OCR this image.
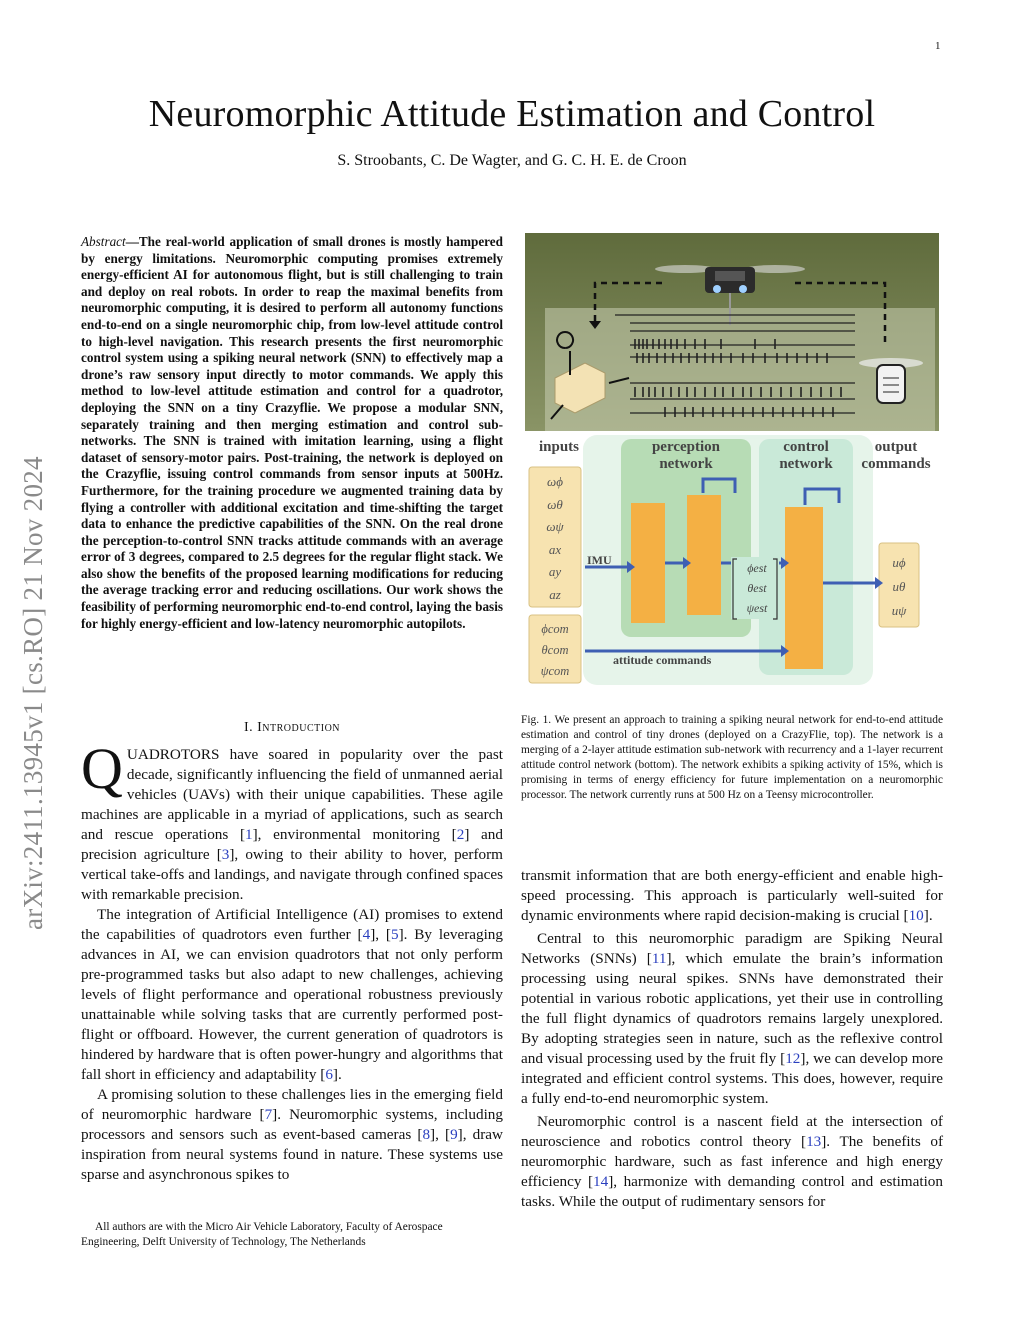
1
arXiv:2411.13945v1 [cs.RO] 21 Nov 2024
Neuromorphic Attitude Estimation and Control
S. Stroobants, C. De Wagter, and G. C. H. E. de Croon
Abstract—The real-world application of small drones is mostly hampered by energy limitations. Neuromorphic computing promises extremely energy-efficient AI for autonomous flight, but is still challenging to train and deploy on real robots. In order to reap the maximal benefits from neuromorphic computing, it is desired to perform all autonomy functions end-to-end on a single neuromorphic chip, from low-level attitude control to high-level navigation. This research presents the first neuromorphic control system using a spiking neural network (SNN) to effectively map a drone’s raw sensory input directly to motor commands. We apply this method to low-level attitude estimation and control for a quadrotor, deploying the SNN on a tiny Crazyflie. We propose a modular SNN, separately training and then merging estimation and control sub-networks. The SNN is trained with imitation learning, using a flight dataset of sensory-motor pairs. Post-training, the network is deployed on the Crazyflie, issuing control commands from sensor inputs at 500Hz. Furthermore, for the training procedure we augmented training data by flying a controller with additional excitation and time-shifting the target data to enhance the predictive capabilities of the SNN. On the real drone the perception-to-control SNN tracks attitude commands with an average error of 3 degrees, compared to 2.5 degrees for the regular flight stack. We also show the benefits of the proposed learning modifications for reducing the average tracking error and reducing oscillations. Our work shows the feasibility of performing neuromorphic end-to-end control, laying the basis for highly energy-efficient and low-latency neuromorphic autopilots.
I. Introduction

QUADROTORS have soared in popularity over the past decade, significantly influencing the field of unmanned aerial vehicles (UAVs) with their unique capabilities. These agile machines are applicable in a myriad of applications, such as search and rescue operations [1], environmental monitoring [2] and precision agriculture [3], owing to their ability to hover, perform vertical take-offs and landings, and navigate through confined spaces with remarkable precision.

The integration of Artificial Intelligence (AI) promises to extend the capabilities of quadrotors even further [4], [5]. By leveraging advances in AI, we can envision quadrotors that not only perform pre-programmed tasks but also adapt to new challenges, achieving levels of flight performance and operational robustness previously unattainable while solving tasks that are currently performed post-flight or offboard. However, the current generation of quadrotors is hindered by hardware that is often power-hungry and algorithms that fall short in efficiency and adaptability [6].

A promising solution to these challenges lies in the emerging field of neuromorphic hardware [7]. Neuromorphic systems, including processors and sensors such as event-based cameras [8], [9], draw inspiration from neural systems found in nature. These systems use sparse and asynchronous spikes to

All authors are with the Micro Air Vehicle Laboratory, Faculty of Aerospace Engineering, Delft University of Technology, The Netherlands

transmit information that are both energy-efficient and enable high-speed processing. This approach is particularly well-suited for dynamic environments where rapid decision-making is crucial [10].

Central to this neuromorphic paradigm are Spiking Neural Networks (SNNs) [11], which emulate the brain’s information processing using neural spikes. SNNs have demonstrated their potential in various robotic applications, yet their use in controlling the full flight dynamics of quadrotors remains largely unexplored. By adopting strategies seen in nature, such as the reflexive control and visual processing used by the fruit fly [12], we can develop more integrated and efficient control systems. This does, however, require a fully end-to-end neuromorphic system.

Neuromorphic control is a nascent field at the intersection of neuroscience and robotics control theory [13]. The benefits of neuromorphic hardware, such as fast inference and high energy efficiency [14], harmonize with demanding control and estimation tasks. While the output of rudimentary sensors for

inputs	perception
network
control
network
output
commands
ωϕ
ωθ
ωψ
ax
ay
az
ϕcom
θcom
ψcom
ϕest
θest
ψest
uϕ
uθ
uψ
IMU
attitude commands
Fig. 1. We present an approach to training a spiking neural network for end-to-end attitude estimation and control of tiny drones (deployed on a CrazyFlie, top). The network is a merging of a 2-layer attitude estimation sub-network with recurrency and a 1-layer recurrent attitude control network (bottom). The network exhibits a spiking activity of 15%, which is promising in terms of energy efficiency for future implementation on a neuromorphic processor. The network currently runs at 500 Hz on a Teensy microcontroller.
